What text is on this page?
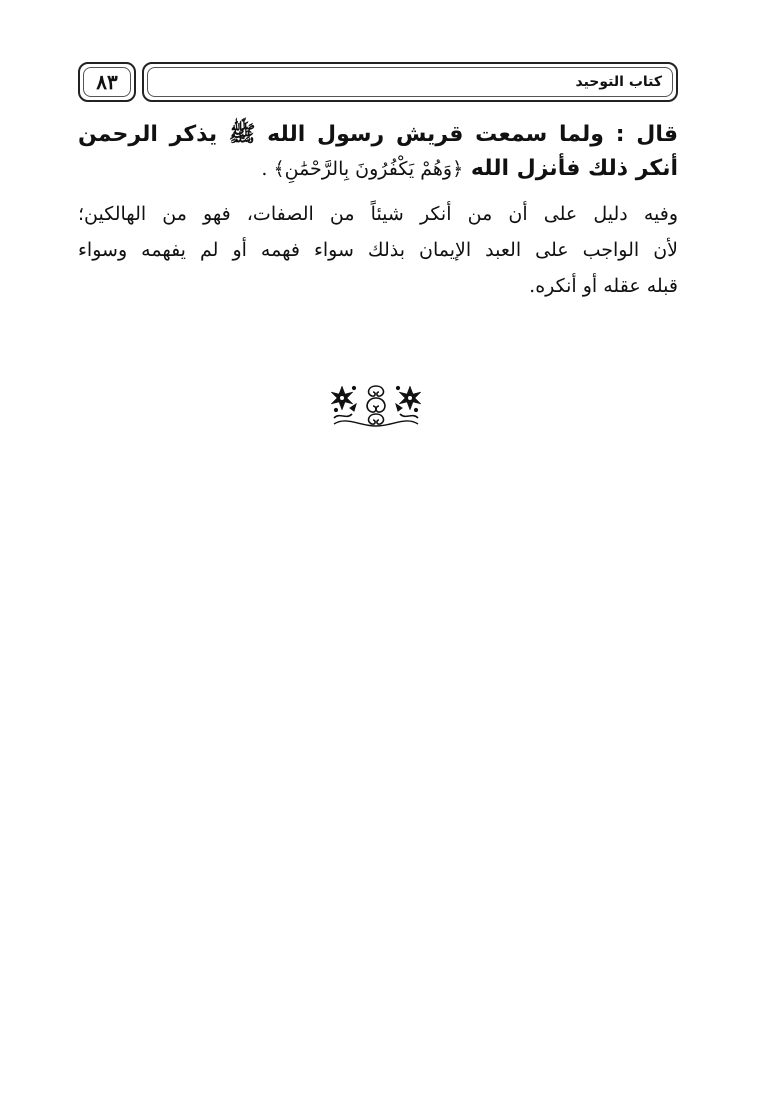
٨٣	كتاب التوحيد
قال : ولما سمعت قريش رسول الله ﷺ يذكر الرحمن
أنكر ذلك فأنزل الله ﴿وَهُمْ يَكْفُرُونَ بِالرَّحْمَٰنِ﴾ .
وفيه دليل على أن من أنكر شيئاً من الصفات، فهو من الهالكين؛
لأن الواجب على العبد الإيمان بذلك سواء فهمه أو لم يفهمه وسواء
قبله عقله أو أنكره.
